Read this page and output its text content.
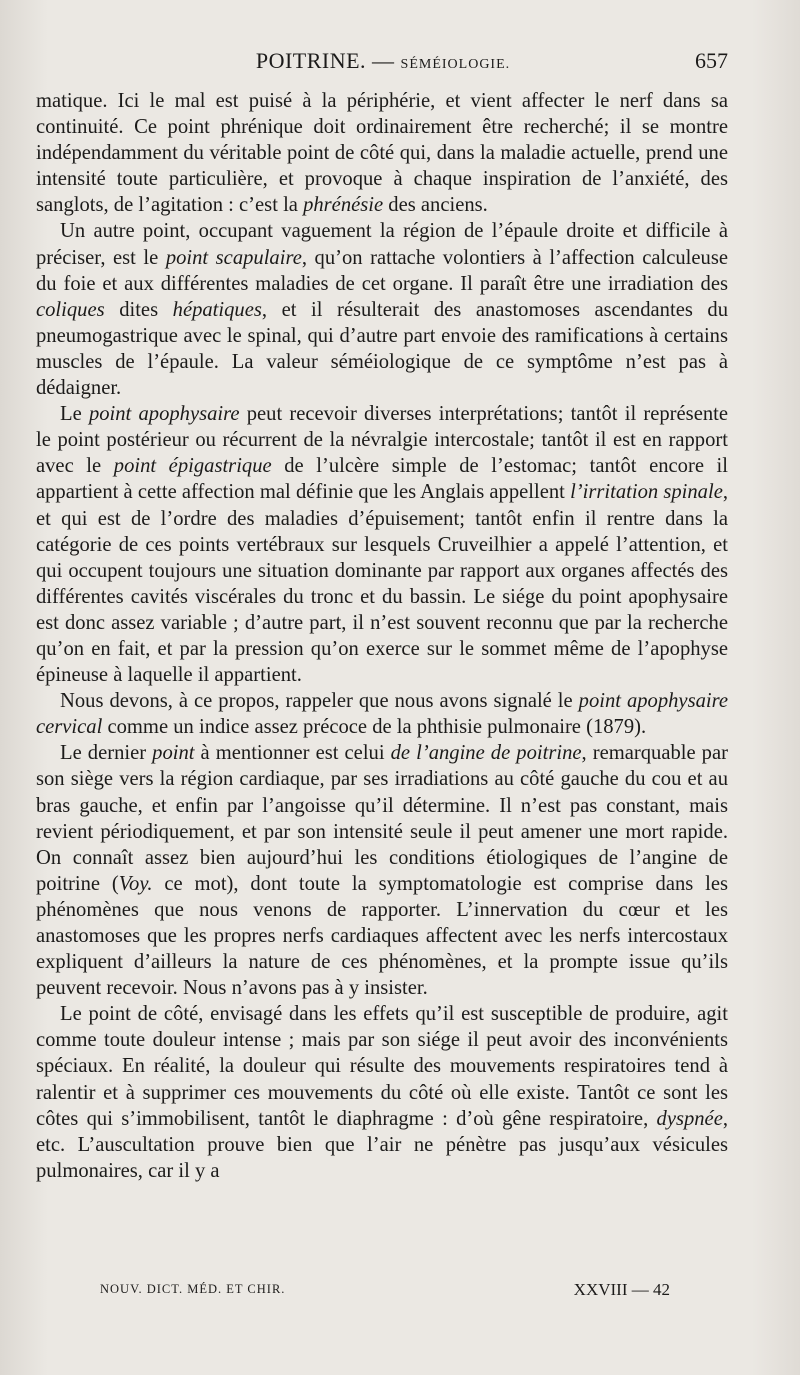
POITRINE. — SÉMÉIOLOGIE.	657

matique. Ici le mal est puisé à la périphérie, et vient affecter le nerf dans sa continuité. Ce point phrénique doit ordinairement être recherché; il se montre indépendamment du véritable point de côté qui, dans la maladie actuelle, prend une intensité toute particulière, et provoque à chaque inspiration de l’anxiété, des sanglots, de l’agitation : c’est la phrénésie des anciens.

Un autre point, occupant vaguement la région de l’épaule droite et difficile à préciser, est le point scapulaire, qu’on rattache volontiers à l’affection calculeuse du foie et aux différentes maladies de cet organe. Il paraît être une irradiation des coliques dites hépatiques, et il résulterait des anastomoses ascendantes du pneumogastrique avec le spinal, qui d’autre part envoie des ramifications à certains muscles de l’épaule. La valeur séméiologique de ce symptôme n’est pas à dédaigner.

Le point apophysaire peut recevoir diverses interprétations; tantôt il représente le point postérieur ou récurrent de la névralgie intercostale; tantôt il est en rapport avec le point épigastrique de l’ulcère simple de l’estomac; tantôt encore il appartient à cette affection mal définie que les Anglais appellent l’irritation spinale, et qui est de l’ordre des maladies d’épuisement; tantôt enfin il rentre dans la catégorie de ces points vertébraux sur lesquels Cruveilhier a appelé l’attention, et qui occupent toujours une situation dominante par rapport aux organes affectés des différentes cavités viscérales du tronc et du bassin. Le siége du point apophysaire est donc assez variable ; d’autre part, il n’est souvent reconnu que par la recherche qu’on en fait, et par la pression qu’on exerce sur le sommet même de l’apophyse épineuse à laquelle il appartient.

Nous devons, à ce propos, rappeler que nous avons signalé le point apophysaire cervical comme un indice assez précoce de la phthisie pulmonaire (1879).

Le dernier point à mentionner est celui de l’angine de poitrine, remarquable par son siège vers la région cardiaque, par ses irradiations au côté gauche du cou et au bras gauche, et enfin par l’angoisse qu’il détermine. Il n’est pas constant, mais revient périodiquement, et par son intensité seule il peut amener une mort rapide. On connaît assez bien aujourd’hui les conditions étiologiques de l’angine de poitrine (Voy. ce mot), dont toute la symptomatologie est comprise dans les phénomènes que nous venons de rapporter. L’innervation du cœur et les anastomoses que les propres nerfs cardiaques affectent avec les nerfs intercostaux expliquent d’ailleurs la nature de ces phénomènes, et la prompte issue qu’ils peuvent recevoir. Nous n’avons pas à y insister.

Le point de côté, envisagé dans les effets qu’il est susceptible de produire, agit comme toute douleur intense ; mais par son siége il peut avoir des inconvénients spéciaux. En réalité, la douleur qui résulte des mouvements respiratoires tend à ralentir et à supprimer ces mouvements du côté où elle existe. Tantôt ce sont les côtes qui s’immobilisent, tantôt le diaphragme : d’où gêne respiratoire, dyspnée, etc. L’auscultation prouve bien que l’air ne pénètre pas jusqu’aux vésicules pulmonaires, car il y a

NOUV. DICT. MÉD. ET CHIR.	XXVIII — 42
